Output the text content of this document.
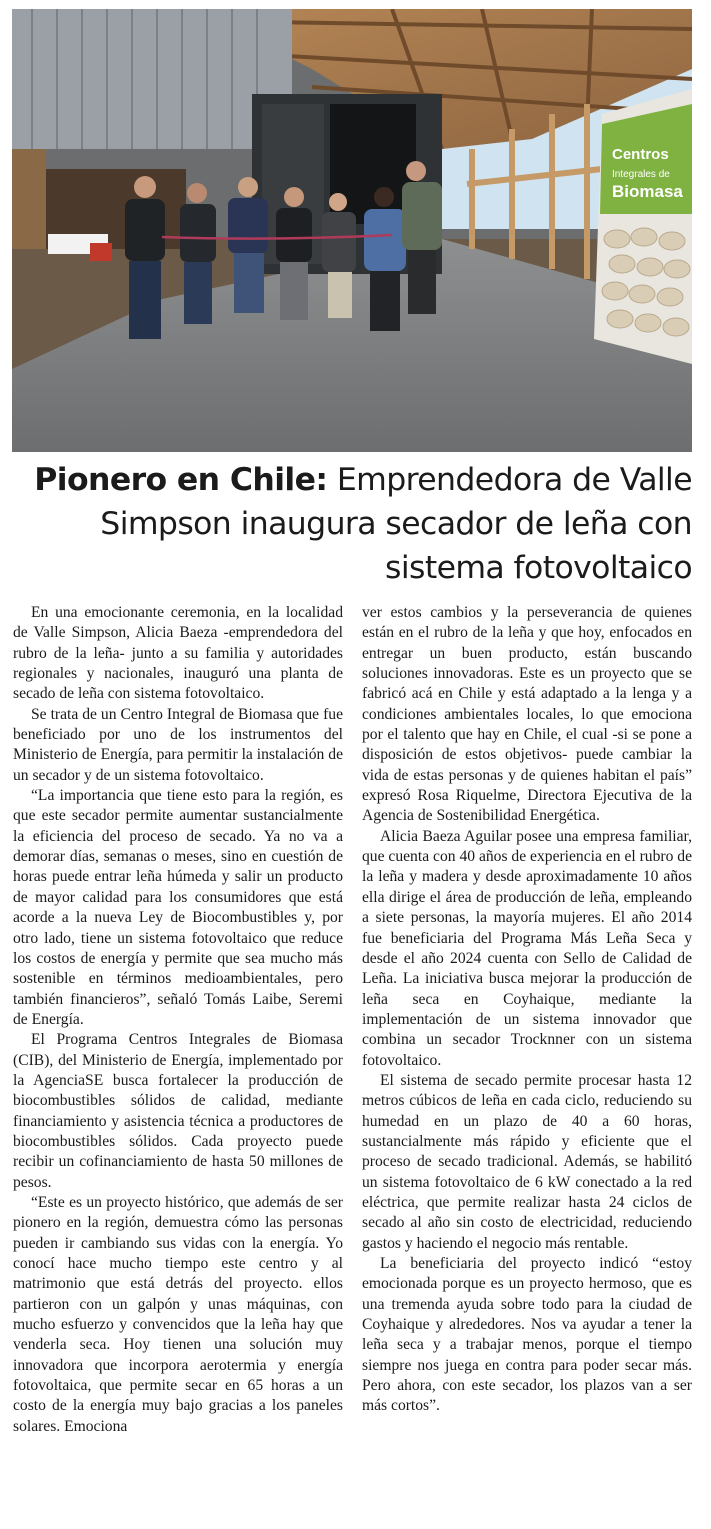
Centros
Integrales de
Biomasa
Pionero en Chile: Emprendedora de Valle Simpson inaugura secador de leña con sistema fotovoltaico

En una emocionante ceremonia, en la localidad de Valle Simpson, Alicia Baeza -emprendedora del rubro de la leña- junto a su familia y autoridades regionales y nacionales, inauguró una planta de secado de leña con sistema fotovoltaico.

Se trata de un Centro Integral de Biomasa que fue beneficiado por uno de los instrumentos del Ministerio de Energía, para permitir la instalación de un secador y de un sistema fotovoltaico.

“La importancia que tiene esto para la región, es que este secador permite aumentar sustancialmente la eficiencia del proceso de secado. Ya no va a demorar días, semanas o meses, sino en cuestión de horas puede entrar leña húmeda y salir un producto de mayor calidad para los consumidores que está acorde a la nueva Ley de Biocombustibles y, por otro lado, tiene un sistema fotovoltaico que reduce los costos de energía y permite que sea mucho más sostenible en términos medioambientales, pero también financieros”, señaló Tomás Laibe, Seremi de Energía.

El Programa Centros Integrales de Biomasa (CIB), del Ministerio de Energía, implementado por la AgenciaSE busca fortalecer la producción de biocombustibles sólidos de calidad, mediante financiamiento y asistencia técnica a productores de biocombustibles sólidos. Cada proyecto puede recibir un cofinanciamiento de hasta 50 millones de pesos.

“Este es un proyecto histórico, que además de ser pionero en la región, demuestra cómo las personas pueden ir cambiando sus vidas con la energía. Yo conocí hace mucho tiempo este centro y al matrimonio que está detrás del proyecto. ellos partieron con un galpón y unas máquinas, con mucho esfuerzo y convencidos que la leña hay que venderla seca. Hoy tienen una solución muy innovadora que incorpora aerotermia y energía fotovoltaica, que permite secar en 65 horas a un costo de la energía muy bajo gracias a los paneles solares. Emociona

ver estos cambios y la perseverancia de quienes están en el rubro de la leña y que hoy, enfocados en entregar un buen producto, están buscando soluciones innovadoras. Este es un proyecto que se fabricó acá en Chile y está adaptado a la lenga y a condiciones ambientales locales, lo que emociona por el talento que hay en Chile, el cual -si se pone a disposición de estos objetivos- puede cambiar la vida de estas personas y de quienes habitan el país” expresó Rosa Riquelme, Directora Ejecutiva de la Agencia de Sostenibilidad Energética.

Alicia Baeza Aguilar posee una empresa familiar, que cuenta con 40 años de experiencia en el rubro de la leña y madera y desde aproximadamente 10 años ella dirige el área de producción de leña, empleando a siete personas, la mayoría mujeres. El año 2014 fue beneficiaria del Programa Más Leña Seca y desde el año 2024 cuenta con Sello de Calidad de Leña. La iniciativa busca mejorar la producción de leña seca en Coyhaique, mediante la implementación de un sistema innovador que combina un secador Trocknner con un sistema fotovoltaico.

El sistema de secado permite procesar hasta 12 metros cúbicos de leña en cada ciclo, reduciendo su humedad en un plazo de 40 a 60 horas, sustancialmente más rápido y eficiente que el proceso de secado tradicional. Además, se habilitó un sistema fotovoltaico de 6 kW conectado a la red eléctrica, que permite realizar hasta 24 ciclos de secado al año sin costo de electricidad, reduciendo gastos y haciendo el negocio más rentable.

La beneficiaria del proyecto indicó “estoy emocionada porque es un proyecto hermoso, que es una tremenda ayuda sobre todo para la ciudad de Coyhaique y alrededores. Nos va ayudar a tener la leña seca y a trabajar menos, porque el tiempo siempre nos juega en contra para poder secar más. Pero ahora, con este secador, los plazos van a ser más cortos”.
